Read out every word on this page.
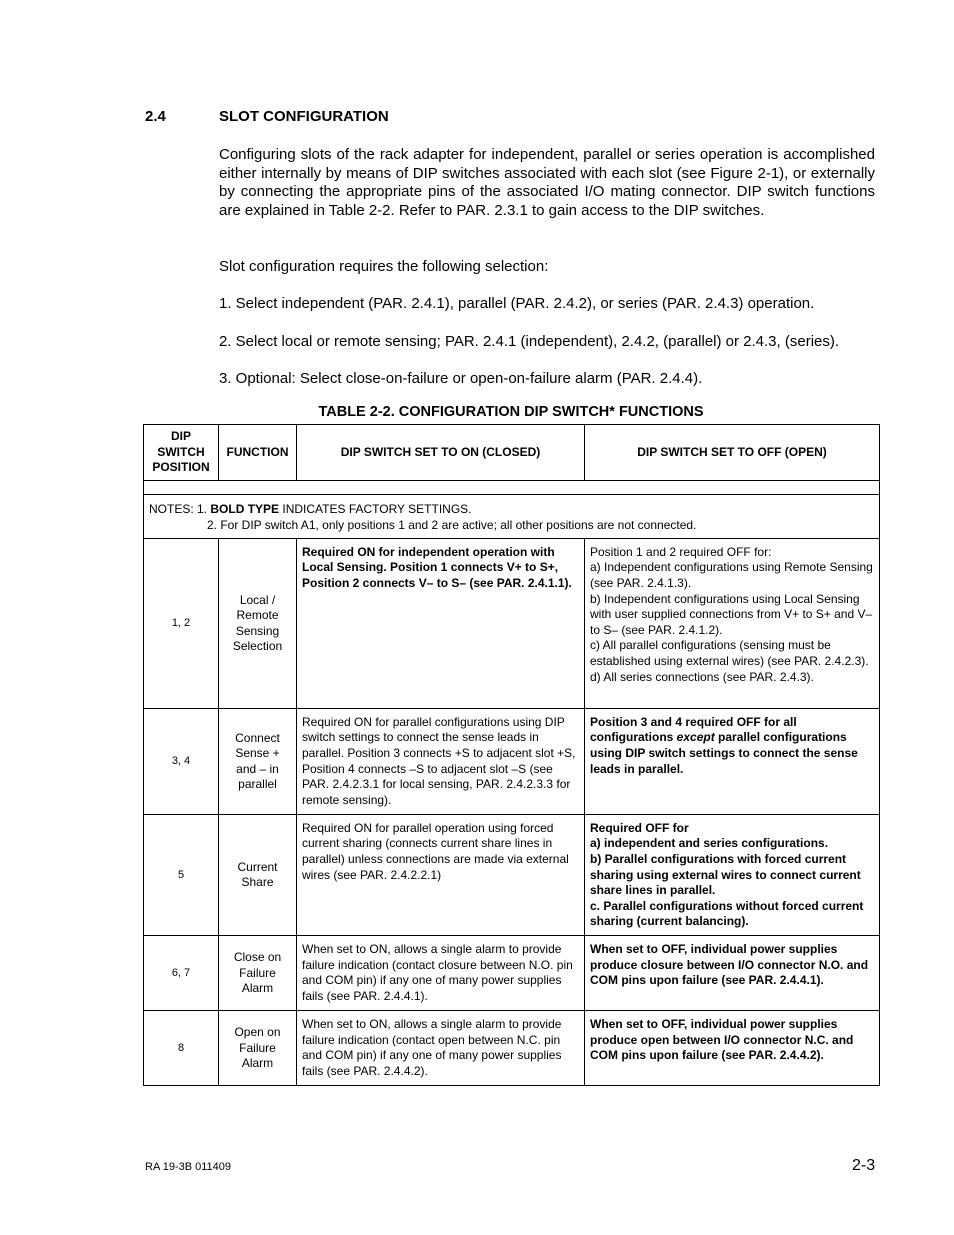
2.4	SLOT CONFIGURATION
Configuring slots of the rack adapter for independent, parallel or series operation is accomplished either internally by means of DIP switches associated with each slot (see Figure 2-1), or externally by connecting the appropriate pins of the associated I/O mating connector. DIP switch functions are explained in Table 2-2. Refer to PAR. 2.3.1 to gain access to the DIP switches.
Slot configuration requires the following selection:
1. Select independent (PAR. 2.4.1), parallel (PAR. 2.4.2), or series (PAR. 2.4.3) operation.
2. Select local or remote sensing; PAR. 2.4.1 (independent), 2.4.2, (parallel) or 2.4.3, (series).
3. Optional: Select close-on-failure or open-on-failure alarm (PAR. 2.4.4).
TABLE 2-2. CONFIGURATION DIP SWITCH* FUNCTIONS
DIP SWITCH POSITION	FUNCTION	DIP SWITCH SET TO ON (CLOSED)	DIP SWITCH SET TO OFF (OPEN)

NOTES: 1. BOLD TYPE INDICATES FACTORY SETTINGS.
2. For DIP switch A1, only positions 1 and 2 are active; all other positions are not connected.			

1, 2	Local / Remote Sensing Selection	Required ON for independent operation with Local Sensing. Position 1 connects V+ to S+, Position 2 connects V– to S– (see PAR. 2.4.1.1).	Position 1 and 2 required OFF for:
a) Independent configurations using Remote Sensing (see PAR. 2.4.1.3).
b) Independent configurations using Local Sensing with user supplied connections from V+ to S+ and V– to S– (see PAR. 2.4.1.2).
c) All parallel configurations (sensing must be established using external wires) (see PAR. 2.4.2.3).
d) All series connections (see PAR. 2.4.3).

3, 4	Connect Sense + and – in parallel	Required ON for parallel configurations using DIP switch settings to connect the sense leads in parallel. Position 3 connects +S to adjacent slot +S, Position 4 connects –S to adjacent slot –S (see PAR. 2.4.2.3.1 for local sensing, PAR. 2.4.2.3.3 for remote sensing).	Position 3 and 4 required OFF for all configurations except parallel configurations using DIP switch settings to connect the sense leads in parallel.
5	Current Share	Required ON for parallel operation using forced current sharing (connects current share lines in parallel) unless connections are made via external wires (see PAR. 2.4.2.2.1)	Required OFF for
a) independent and series configurations.
b) Parallel configurations with forced current sharing using external wires to connect current share lines in parallel.
c. Parallel configurations without forced current sharing (current balancing).

6, 7	Close on Failure Alarm	When set to ON, allows a single alarm to provide failure indication (contact closure between N.O. pin and COM pin) if any one of many power supplies fails (see PAR. 2.4.4.1).	When set to OFF, individual power supplies produce closure between I/O connector N.O. and COM pins upon failure (see PAR. 2.4.4.1).
8	Open on Failure Alarm	When set to ON, allows a single alarm to provide failure indication (contact open between N.C. pin and COM pin) if any one of many power supplies fails (see PAR. 2.4.4.2).	When set to OFF, individual power supplies produce open between I/O connector N.C. and COM pins upon failure (see PAR. 2.4.4.2).
RA 19-3B 011409	2-3
